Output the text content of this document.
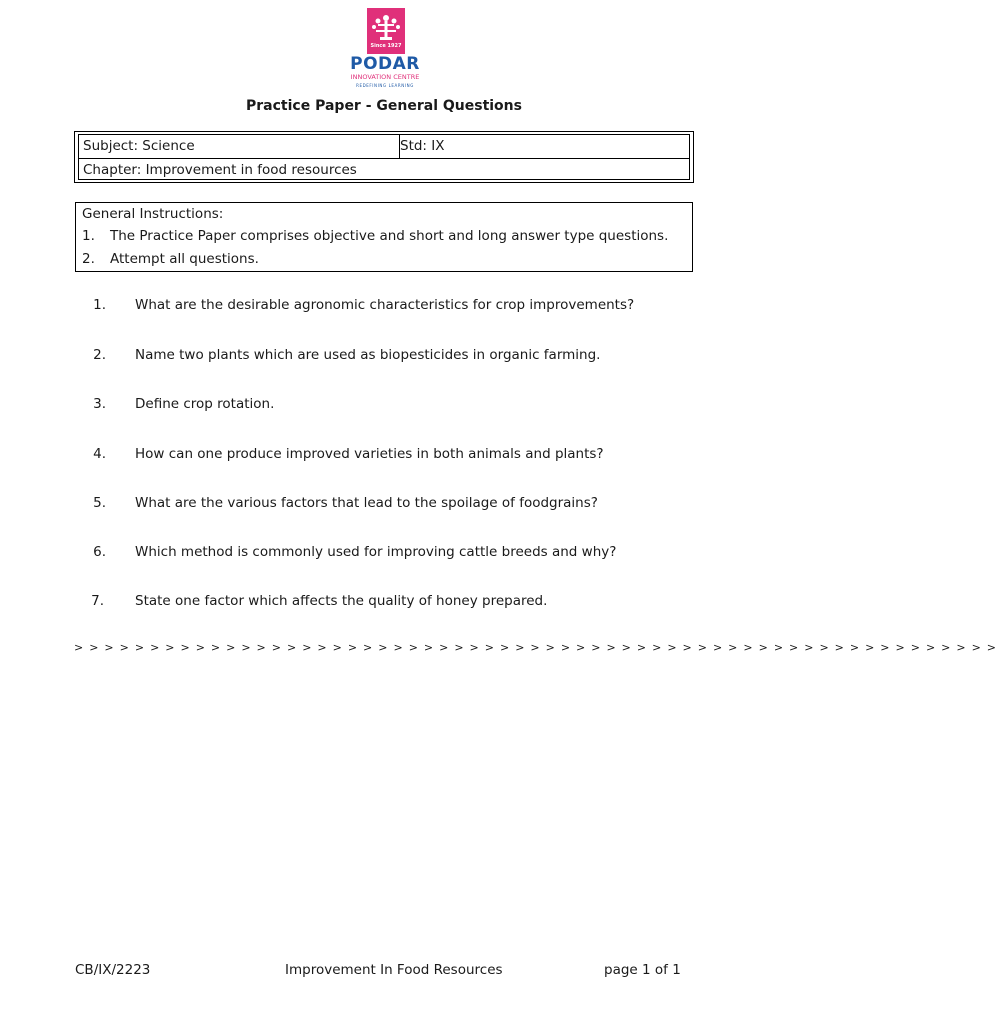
Since 1927
PODAR
INNOVATION CENTRE
REDEFINING LEARNING
Practice Paper - General Questions
Subject: Science	Std: IX
Chapter: Improvement in food resources
General Instructions:
1. The Practice Paper comprises objective and short and long answer type questions.
2. Attempt all questions.
1. What are the desirable agronomic characteristics for crop improvements?
2. Name two plants which are used as biopesticides in organic farming.
3. Define crop rotation.
4. How can one produce improved varieties in both animals and plants?
5. What are the various factors that lead to the spoilage of foodgrains?
6. Which method is commonly used for improving cattle breeds and why?
7. State one factor which affects the quality of honey prepared.
> > > > > > > > > > > > > > > > > > > > > > > > > > > > > > > > > > > > > > > > > > > > > > > > > > > > > > > > > > > > >
CB/IX/2223	Improvement In Food Resources	page 1 of 1
